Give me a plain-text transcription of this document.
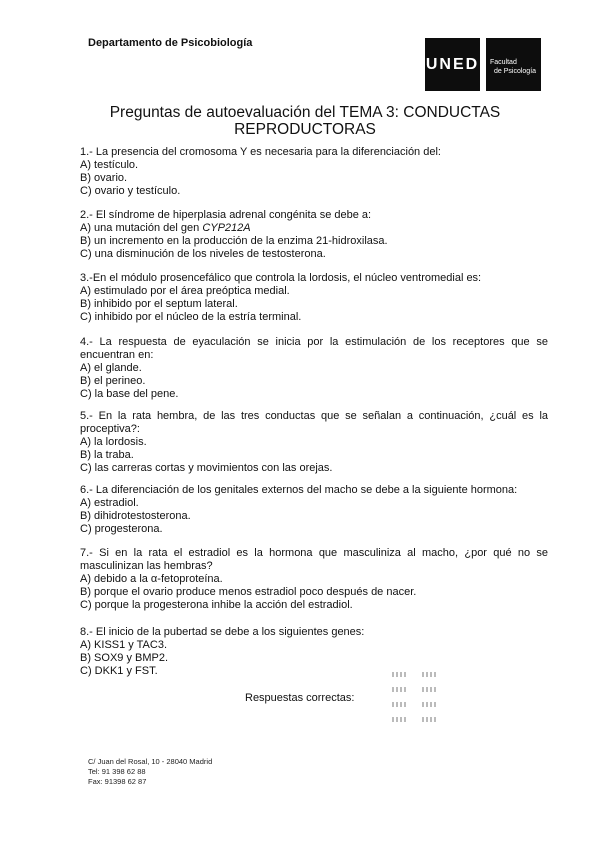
Departamento de Psicobiología
UNED Facultad
de Psicología
Preguntas de autoevaluación del TEMA 3: CONDUCTAS
REPRODUCTORAS
1.- La presencia del cromosoma Y es necesaria para la diferenciación del:
A) testículo.
B) ovario.
C) ovario y testículo.
2.- El síndrome de hiperplasia adrenal congénita se debe a:
A) una mutación del gen CYP212A
B) un incremento en la producción de la enzima 21-hidroxilasa.
C) una disminución de los niveles de testosterona.
3.-En el módulo prosencefálico que controla la lordosis, el núcleo ventromedial es:
A) estimulado por el área preóptica medial.
B) inhibido por el septum lateral.
C) inhibido por el núcleo de la estría terminal.
4.- La respuesta de eyaculación se inicia por la estimulación de los receptores que se encuentran en:
A) el glande.
B) el perineo.
C) la base del pene.
5.- En la rata hembra, de las tres conductas que se señalan a continuación, ¿cuál es la proceptiva?:
A) la lordosis.
B) la traba.
C) las carreras cortas y movimientos con las orejas.
6.- La diferenciación de los genitales externos del macho se debe a la siguiente hormona:
A) estradiol.
B) dihidrotestosterona.
C) progesterona.
7.- Si en la rata el estradiol es la hormona que masculiniza al macho, ¿por qué no se masculinizan las hembras?
A) debido a la α-fetoproteína.
B) porque el ovario produce menos estradiol poco después de nacer.
C) porque la progesterona inhibe la acción del estradiol.
8.- El inicio de la pubertad se debe a los siguientes genes:
A) KISS1 y TAC3.
B) SOX9 y BMP2.
C) DKK1 y FST.
Respuestas correctas:
C/ Juan del Rosal, 10 - 28040 Madrid
Tel: 91 398 62 88
Fax: 91398 62 87
